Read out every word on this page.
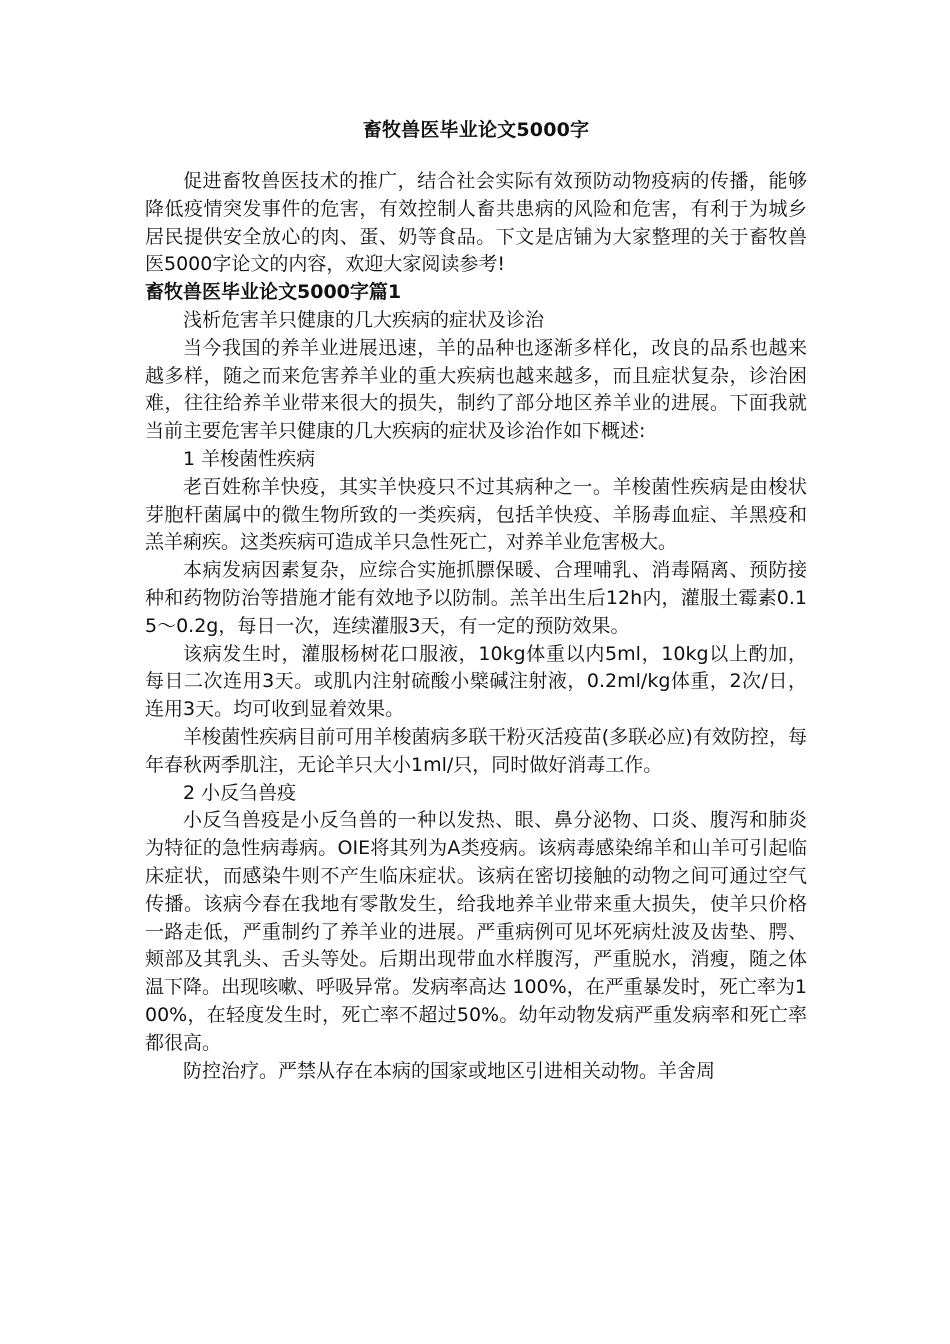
畜牧兽医毕业论文5000字

促进畜牧兽医技术的推广，结合社会实际有效预防动物疫病的传播，能够降低疫情突发事件的危害，有效控制人畜共患病的风险和危害，有利于为城乡居民提供安全放心的肉、蛋、奶等食品。下文是店铺为大家整理的关于畜牧兽医5000字论文的内容，欢迎大家阅读参考!

畜牧兽医毕业论文5000字篇1

浅析危害羊只健康的几大疾病的症状及诊治

当今我国的养羊业进展迅速，羊的品种也逐渐多样化，改良的品系也越来越多样，随之而来危害养羊业的重大疾病也越来越多，而且症状复杂，诊治困难，往往给养羊业带来很大的损失，制约了部分地区养羊业的进展。下面我就当前主要危害羊只健康的几大疾病的症状及诊治作如下概述:

1 羊梭菌性疾病

老百姓称羊快疫，其实羊快疫只不过其病种之一。羊梭菌性疾病是由梭状芽胞杆菌属中的微生物所致的一类疾病，包括羊快疫、羊肠毒血症、羊黑疫和羔羊痢疾。这类疾病可造成羊只急性死亡，对养羊业危害极大。

本病发病因素复杂，应综合实施抓膘保暖、合理哺乳、消毒隔离、预防接种和药物防治等措施才能有效地予以防制。羔羊出生后12h内，灌服土霉素0.15～0.2g，每日一次，连续灌服3天，有一定的预防效果。

该病发生时，灌服杨树花口服液，10kg体重以内5ml，10kg以上酌加，每日二次连用3天。或肌内注射硫酸小檗碱注射液，0.2ml/kg体重，2次/日，连用3天。均可收到显着效果。

羊梭菌性疾病目前可用羊梭菌病多联干粉灭活疫苗(多联必应)有效防控，每年春秋两季肌注，无论羊只大小1ml/只，同时做好消毒工作。

2 小反刍兽疫

小反刍兽疫是小反刍兽的一种以发热、眼、鼻分泌物、口炎、腹泻和肺炎为特征的急性病毒病。OIE将其列为A类疫病。该病毒感染绵羊和山羊可引起临床症状，而感染牛则不产生临床症状。该病在密切接触的动物之间可通过空气传播。该病今春在我地有零散发生，给我地养羊业带来重大损失，使羊只价格一路走低，严重制约了养羊业的进展。严重病例可见坏死病灶波及齿垫、腭、颊部及其乳头、舌头等处。后期出现带血水样腹泻，严重脱水，消瘦，随之体温下降。出现咳嗽、呼吸异常。发病率高达 100%，在严重暴发时，死亡率为100%，在轻度发生时，死亡率不超过50%。幼年动物发病严重发病率和死亡率都很高。

防控治疗。严禁从存在本病的国家或地区引进相关动物。羊舍周
